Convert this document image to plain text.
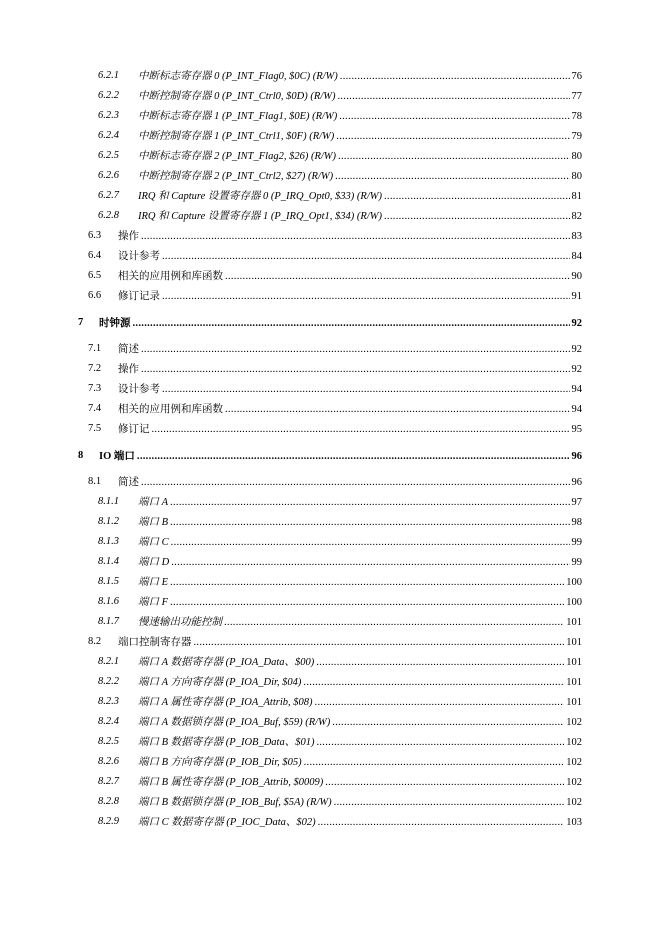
6.2.1 中断标志寄存器 0 (P_INT_Flag0, $0C) (R/W) .....	76
6.2.2 中断控制寄存器 0 (P_INT_Ctrl0, $0D) (R/W) .....	77
6.2.3 中断标志寄存器 1 (P_INT_Flag1, $0E) (R/W) .....	78
6.2.4 中断控制寄存器 1 (P_INT_Ctrl1, $0F) (R/W) .....	79
6.2.5 中断标志寄存器 2 (P_INT_Flag2, $26) (R/W) .....	80
6.2.6 中断控制寄存器 2 (P_INT_Ctrl2, $27) (R/W) .....	80
6.2.7 IRQ 和 Capture 设置寄存器 0 (P_IRQ_Opt0, $33) (R/W) .....	81
6.2.8 IRQ 和 Capture 设置寄存器 1 (P_IRQ_Opt1, $34) (R/W) .....	82
6.3 操作 .....	83
6.4 设计参考 .....	84
6.5 相关的应用例和库函数 .....	90
6.6 修订记录 .....	91
7 时钟源 .....	92
7.1 简述 .....	92
7.2 操作 .....	92
7.3 设计参考 .....	94
7.4 相关的应用例和库函数 .....	94
7.5 修订记 .....	95
8 IO 端口 .....	96
8.1 简述 .....	96
8.1.1 端口 A .....	97
8.1.2 端口 B .....	98
8.1.3 端口 C .....	99
8.1.4 端口 D .....	99
8.1.5 端口 E .....	100
8.1.6 端口 F .....	100
8.1.7 慢速输出功能控制 .....	101
8.2 端口控制寄存器 .....	101
8.2.1 端口 A 数据寄存器 (P_IOA_Data、$00) .....	101
8.2.2 端口 A 方向寄存器 (P_IOA_Dir, $04) .....	101
8.2.3 端口 A 属性寄存器 (P_IOA_Attrib, $08) .....	101
8.2.4 端口 A 数据锁存器 (P_IOA_Buf, $59) (R/W) .....	102
8.2.5 端口 B 数据寄存器 (P_IOB_Data、$01) .....	102
8.2.6 端口 B 方向寄存器 (P_IOB_Dir, $05) .....	102
8.2.7 端口 B 属性寄存器 (P_IOB_Attrib, $0009) .....	102
8.2.8 端口 B 数据锁存器 (P_IOB_Buf, $5A) (R/W) .....	102
8.2.9 端口 C 数据寄存器 (P_IOC_Data、$02) .....	103
